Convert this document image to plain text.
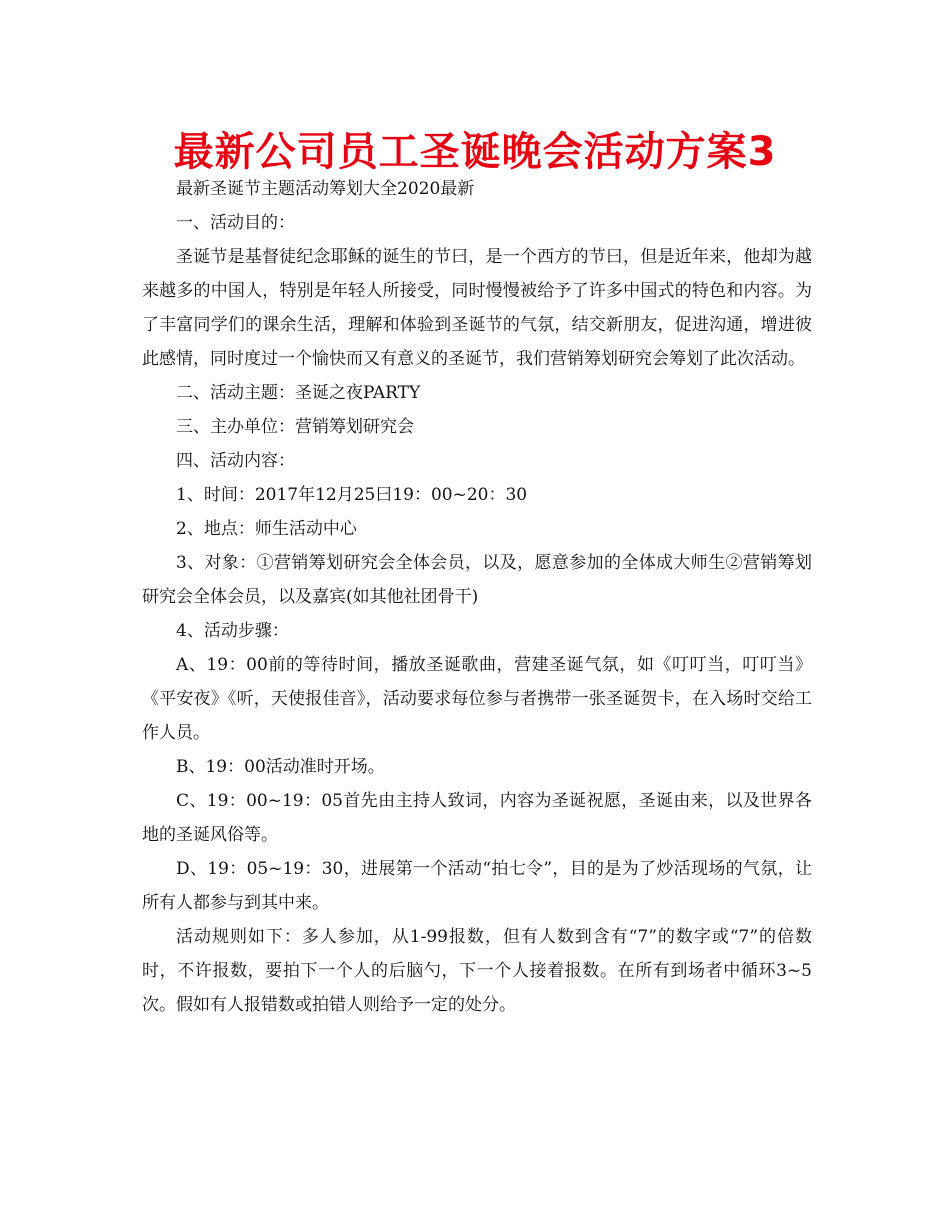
最新公司员工圣诞晚会活动方案3

最新圣诞节主题活动筹划大全2020最新

一、活动目的：

圣诞节是基督徒纪念耶稣的诞生的节曰，是一个西方的节曰，但是近年来，他却为越来越多的中国人，特别是年轻人所接受，同时慢慢被给予了许多中国式的特色和内容。为了丰富同学们的课余生活，理解和体验到圣诞节的气氛，结交新朋友，促进沟通，增进彼此感情，同时度过一个愉快而又有意义的圣诞节，我们营销筹划研究会筹划了此次活动。

二、活动主题：圣诞之夜PARTY

三、主办单位：营销筹划研究会

四、活动内容：

1、时间：2017年12月25曰19：00~20：30

2、地点：师生活动中心

3、对象：①营销筹划研究会全体会员，以及，愿意参加的全体成大师生②营销筹划研究会全体会员，以及嘉宾(如其他社团骨干)

4、活动步骤：

A、19：00前的等待时间，播放圣诞歌曲，营建圣诞气氛，如《叮叮当，叮叮当》《平安夜》《听，天使报佳音》，活动要求每位参与者携带一张圣诞贺卡，在入场时交给工作人员。

B、19：00活动准时开场。

C、19：00~19：05首先由主持人致词，内容为圣诞祝愿，圣诞由来，以及世界各地的圣诞风俗等。

D、19：05~19：30，进展第一个活动“拍七令”，目的是为了炒活现场的气氛，让所有人都参与到其中来。

活动规则如下：多人参加，从1-99报数，但有人数到含有“7”的数字或“7”的倍数时，不许报数，要拍下一个人的后脑勺，下一个人接着报数。在所有到场者中循环3~5次。假如有人报错数或拍错人则给予一定的处分。
